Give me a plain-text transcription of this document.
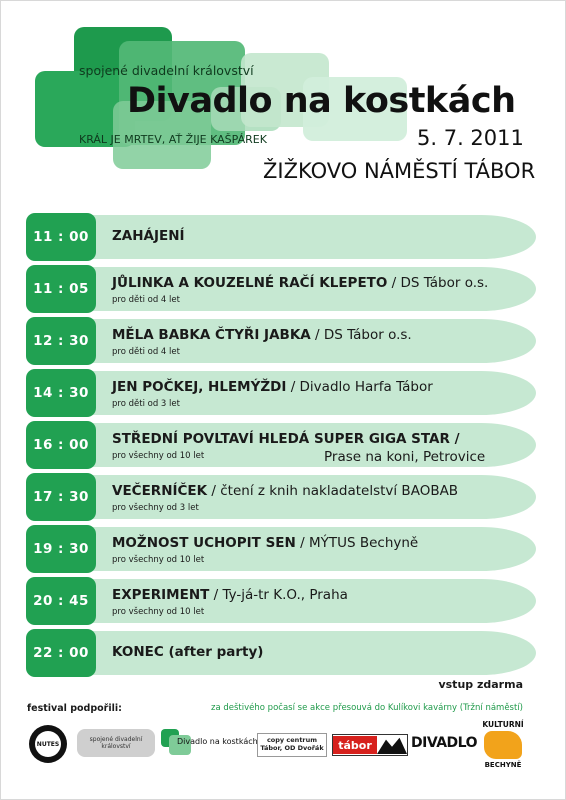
spojené divadelní království
Divadlo na kostkách
KRÁL JE MRTEV, AŤ ŽIJE KAŠPÁREK	5. 7. 2011
ŽIŽKOVO NÁMĚSTÍ TÁBOR
11 : 00	ZAHÁJENÍ
11 : 05	JŮLINKA A KOUZELNÉ RAČÍ KLEPETO / DS Tábor o.s.
pro děti od 4 let
12 : 30	MĚLA BABKA ČTYŘI JABKA / DS Tábor o.s.
pro děti od 4 let
14 : 30	JEN POČKEJ, HLEMÝŽDI / Divadlo Harfa Tábor
pro děti od 3 let
16 : 00	STŘEDNÍ POVLTAVÍ HLEDÁ SUPER GIGA STAR /
Prase na koni, Petrovice
pro všechny od 10 let
17 : 30	VEČERNÍČEK / čtení z knih nakladatelství BAOBAB
pro všechny od 3 let
19 : 30	MOŽNOST UCHOPIT SEN / MÝTUS Bechyně
pro všechny od 10 let
20 : 45	EXPERIMENT / Ty-já-tr K.O., Praha
pro všechny od 10 let
22 : 00	KONEC (after party)
vstup zdarma
festival podpořili:	za deštivého počasí se akce přesouvá do Kulíkovi kavárny (Tržní náměstí)
NUTES
spojené divadelní království
Divadlo na kostkách copy centrum
Tábor, OD Dvořák	tábor	DIVADLO
KULTURNÍ
BECHYNĚ
